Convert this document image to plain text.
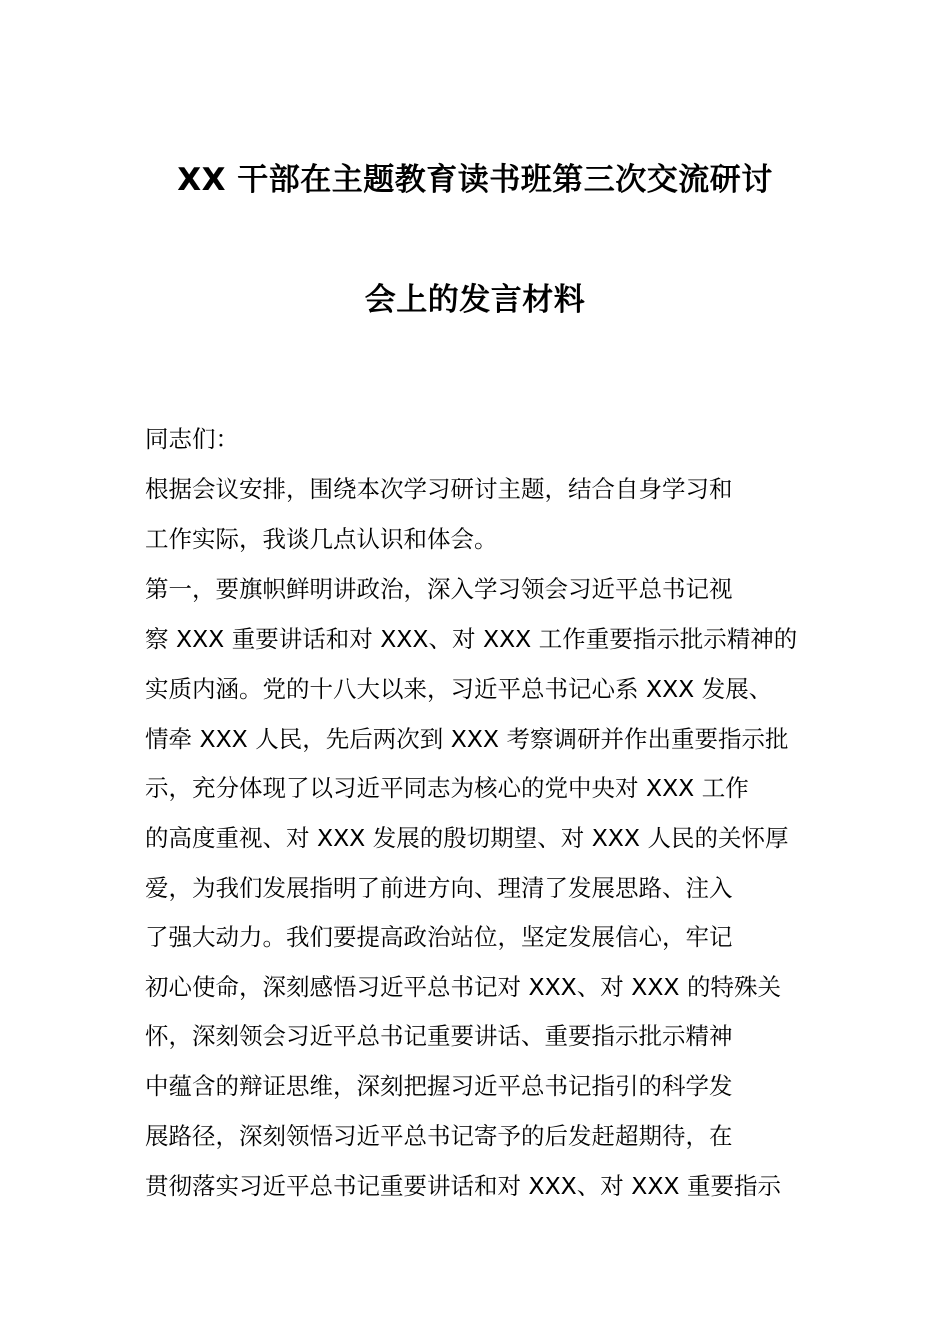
XX 干部在主题教育读书班第三次交流研讨
会上的发言材料
同志们：
根据会议安排，围绕本次学习研讨主题，结合自身学习和
工作实际，我谈几点认识和体会。
第一，要旗帜鲜明讲政治，深入学习领会习近平总书记视
察 XXX 重要讲话和对 XXX、对 XXX 工作重要指示批示精神的
实质内涵。党的十八大以来，习近平总书记心系 XXX 发展、
情牵 XXX 人民，先后两次到 XXX 考察调研并作出重要指示批
示，充分体现了以习近平同志为核心的党中央对 XXX 工作
的高度重视、对 XXX 发展的殷切期望、对 XXX 人民的关怀厚
爱，为我们发展指明了前进方向、理清了发展思路、注入
了强大动力。我们要提高政治站位，坚定发展信心，牢记
初心使命，深刻感悟习近平总书记对 XXX、对 XXX 的特殊关
怀，深刻领会习近平总书记重要讲话、重要指示批示精神
中蕴含的辩证思维，深刻把握习近平总书记指引的科学发
展路径，深刻领悟习近平总书记寄予的后发赶超期待，在
贯彻落实习近平总书记重要讲话和对 XXX、对 XXX 重要指示
